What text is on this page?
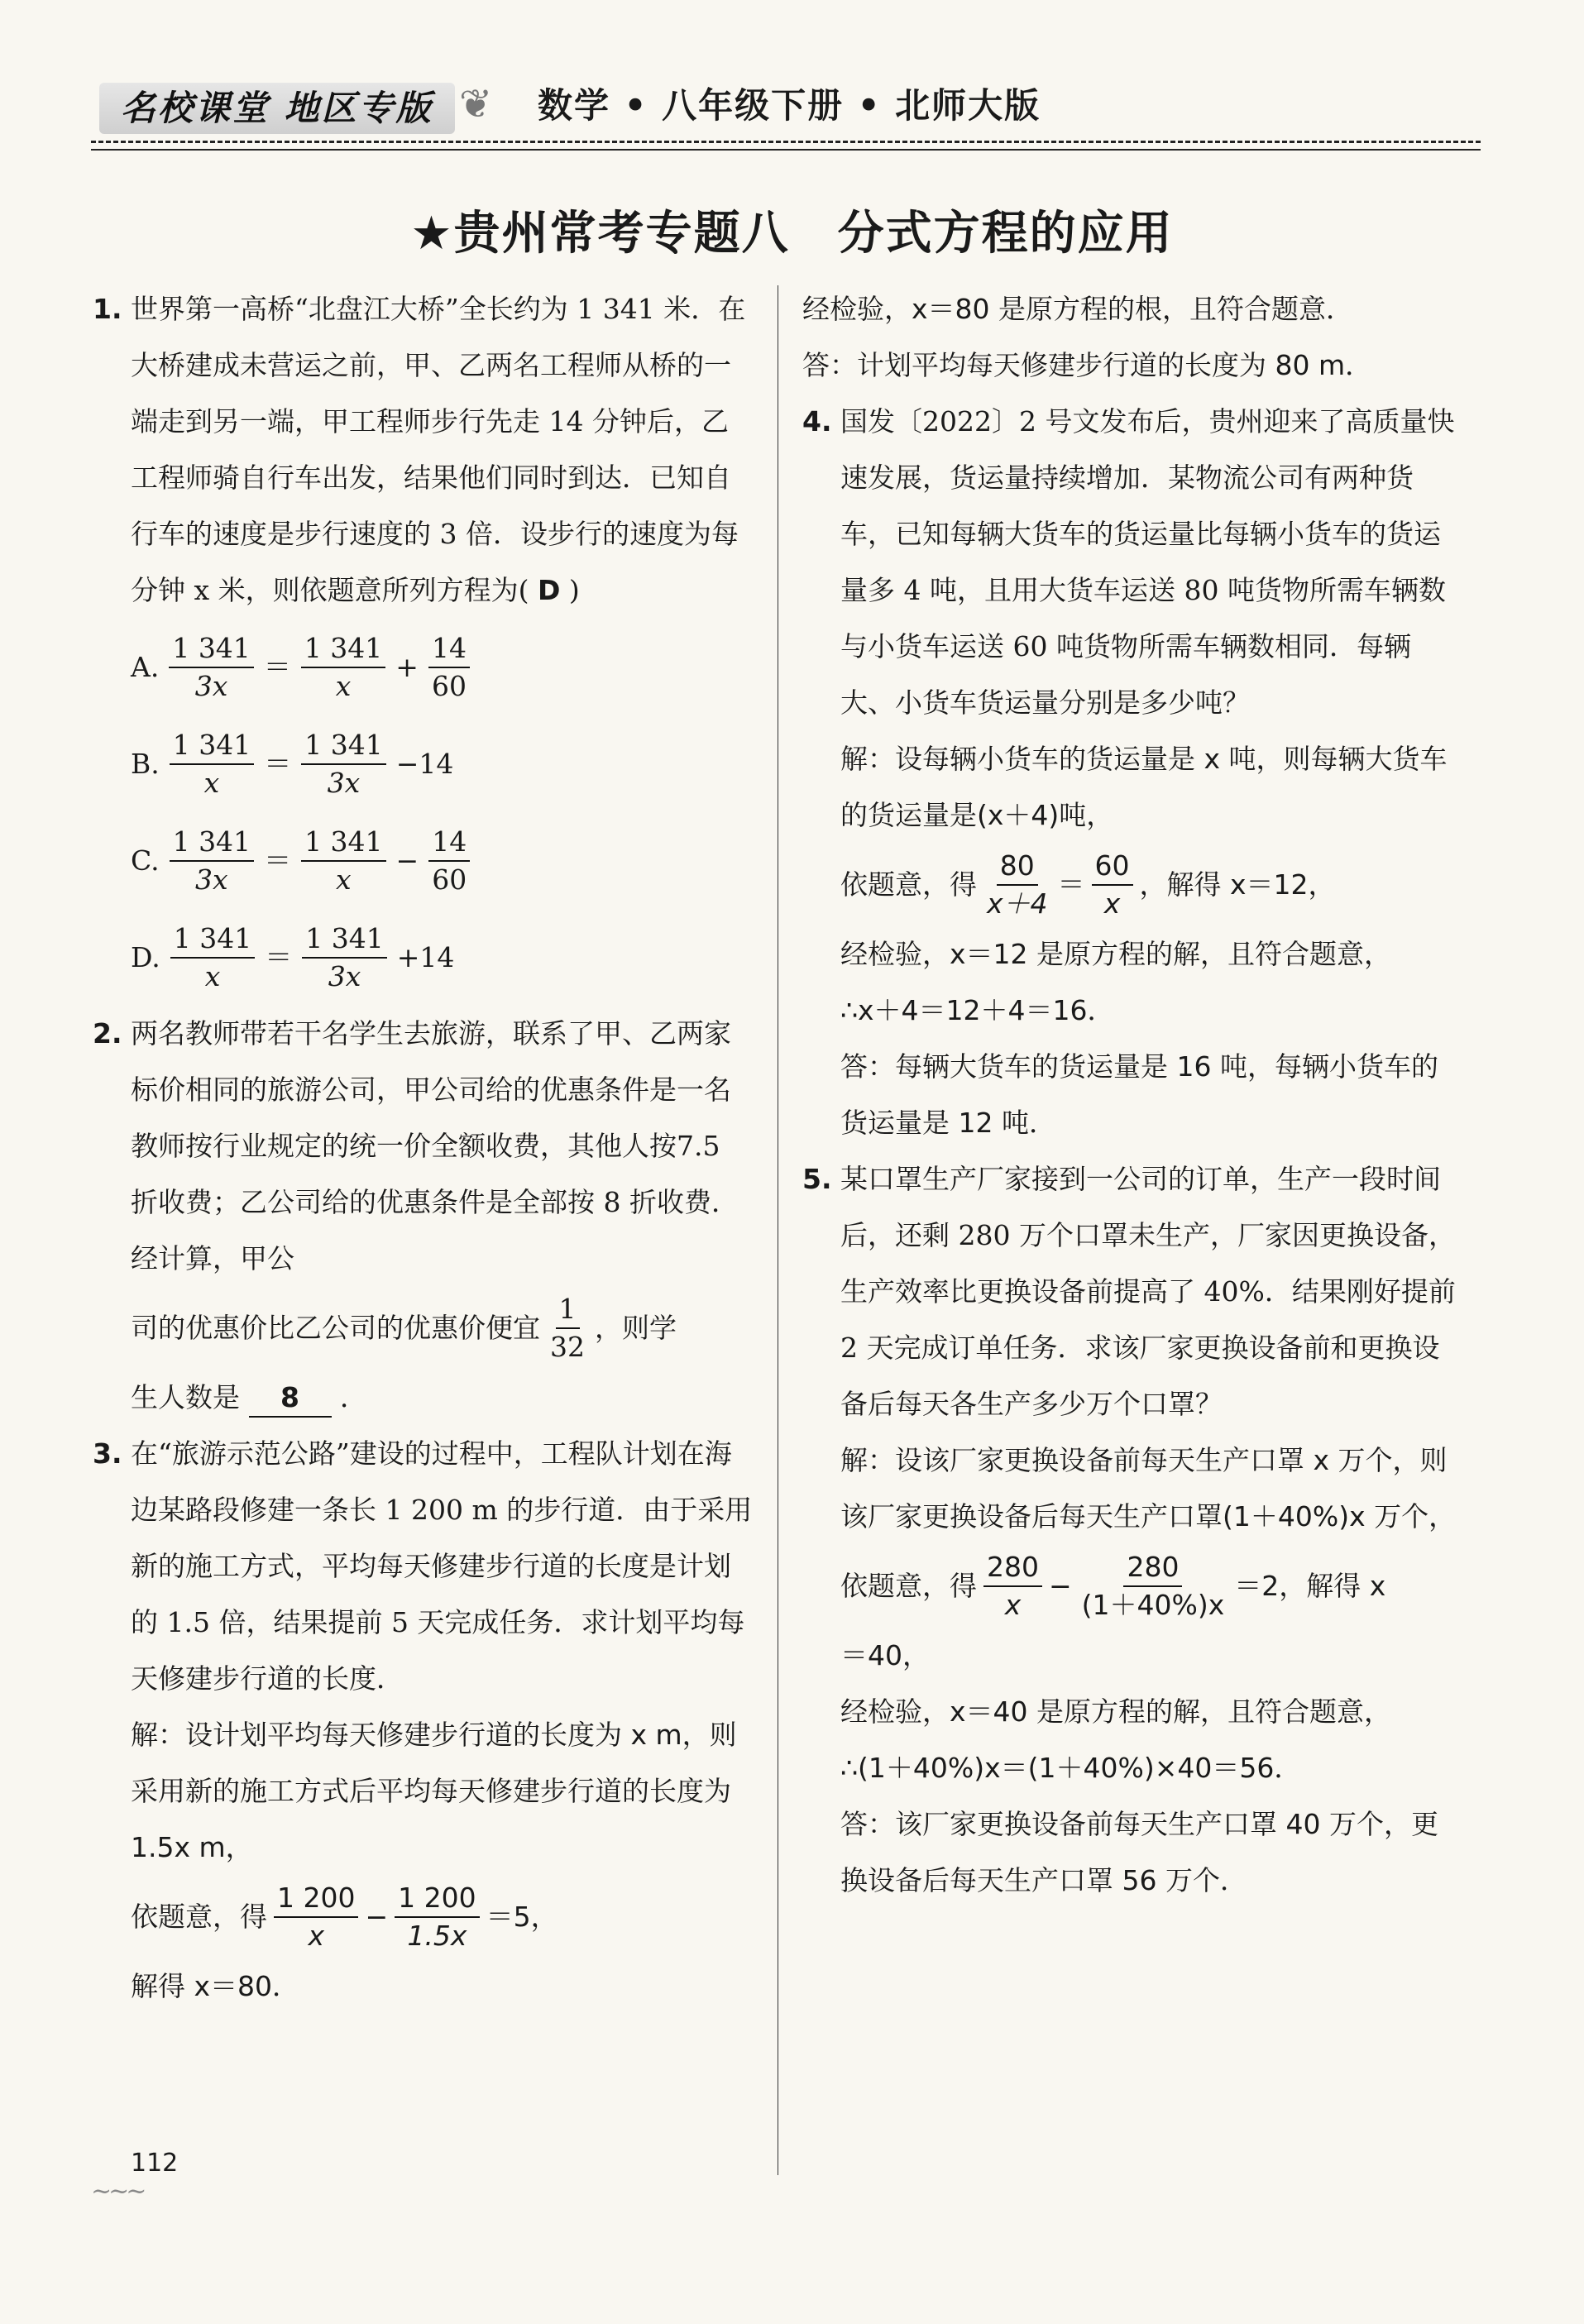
名校课堂 地区专版 ❦ 数学 • 八年级下册 • 北师大版
★贵州常考专题八　分式方程的应用
1. 世界第一高桥“北盘江大桥”全长约为 1 341 米．在大桥建成未营运之前，甲、乙两名工程师从桥的一端走到另一端，甲工程师步行先走 14 分钟后，乙工程师骑自行车出发，结果他们同时到达．已知自行车的速度是步行速度的 3 倍．设步行的速度为每分钟 x 米，则依题意所列方程为( D )
A.
1 341
3x
＝
1 341
x
+ $\frac{14}{60}$
B.
1 341
x
＝
1 341
3x
−14
C.
1 341
3x
＝
1 341
x
− $\frac{14}{60}$
D.
1 341
x
＝
1 341
3x
+14
2. 两名教师带若干名学生去旅游，联系了甲、乙两家标价相同的旅游公司，甲公司给的优惠条件是一名教师按行业规定的统一价全额收费，其他人按7.5 折收费；乙公司给的优惠条件是全部按 8 折收费．经计算，甲公
司的优惠价比乙公司的优惠价便宜
1
32
，则学
生人数是 8 ．
3. 在“旅游示范公路”建设的过程中，工程队计划在海边某路段修建一条长 1 200 m 的步行道．由于采用新的施工方式，平均每天修建步行道的长度是计划的 1.5 倍，结果提前 5 天完成任务．求计划平均每天修建步行道的长度．
解：设计划平均每天修建步行道的长度为 x m，则采用新的施工方式后平均每天修建步行道的长度为 1.5x m，
依题意，得
1 200
x
− $\frac{1 200}{1.5x} =5$，
解得 x＝80．
经检验，x＝80 是原方程的根，且符合题意．
答：计划平均每天修建步行道的长度为 80 m．
4. 国发〔2022〕2 号文发布后，贵州迎来了高质量快速发展，货运量持续增加．某物流公司有两种货车，已知每辆大货车的货运量比每辆小货车的货运量多 4 吨，且用大货车运送 80 吨货物所需车辆数与小货车运送 60 吨货物所需车辆数相同．每辆大、小货车货运量分别是多少吨？
解：设每辆小货车的货运量是 x 吨，则每辆大货车的货运量是(x＋4)吨，
依题意，得
80
x＋4
＝
60
x
，解得 x＝12，
经检验，x＝12 是原方程的解，且符合题意，
∴x＋4＝12＋4＝16．
答：每辆大货车的货运量是 16 吨，每辆小货车的货运量是 12 吨．
5. 某口罩生产厂家接到一公司的订单，生产一段时间后，还剩 280 万个口罩未生产，厂家因更换设备，生产效率比更换设备前提高了 40%．结果刚好提前 2 天完成订单任务．求该厂家更换设备前和更换设备后每天各生产多少万个口罩？
解：设该厂家更换设备前每天生产口罩 x 万个，则该厂家更换设备后每天生产口罩(1＋40%)x 万个，
依题意，得
280
x
− $\frac{280}{(1+40\%)x} =2$，解得 x
＝40，
经检验，x＝40 是原方程的解，且符合题意，
∴(1＋40%)x＝(1＋40%)×40＝56．
答：该厂家更换设备前每天生产口罩 40 万个，更换设备后每天生产口罩 56 万个．
112
~~~
